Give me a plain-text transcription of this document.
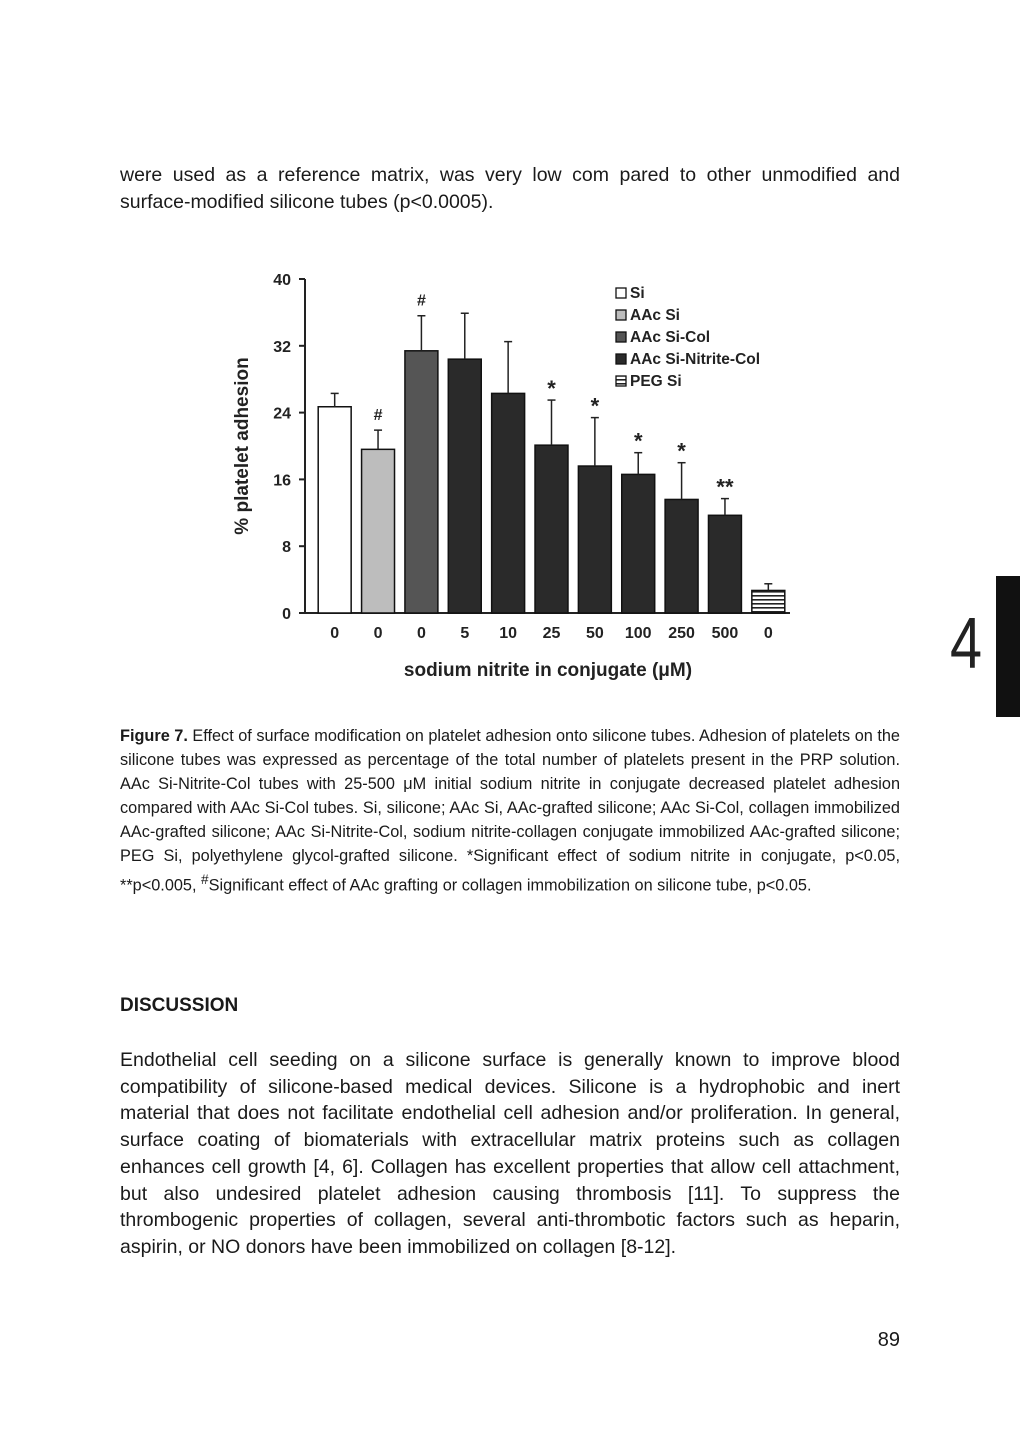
were used as a reference matrix, was very low com pared to other unmodified and surface-modified silicone tubes (p<0.0005).

0
8
16
24
32
40
% platelet adhesion
sodium nitrite in conjugate (μM)
0
#
0
#
0 5 10
*
25
*
50
*
100
*
250
**
500 0
Si
AAc Si
AAc Si-Col
AAc Si-Nitrite-Col
PEG Si

Figure 7. Effect of surface modification on platelet adhesion onto silicone tubes. Adhesion of platelets on the silicone tubes was expressed as percentage of the total number of platelets present in the PRP solution. AAc Si-Nitrite-Col tubes with 25-500 μM initial sodium nitrite in conjugate decreased platelet adhesion compared with AAc Si-Col tubes. Si, silicone; AAc Si, AAc-grafted silicone; AAc Si-Col, collagen immobilized AAc-grafted silicone; AAc Si-Nitrite-Col, sodium nitrite-collagen conjugate immobilized AAc-grafted silicone; PEG Si, polyethylene glycol-grafted silicone. *Significant effect of sodium nitrite in conjugate, p<0.05, **p<0.005, #Significant effect of AAc grafting or collagen immobilization on silicone tube, p<0.05.

DISCUSSION

Endothelial cell seeding on a silicone surface is generally known to improve blood compatibility of silicone-based medical devices. Silicone is a hydrophobic and inert material that does not facilitate endothelial cell adhesion and/or proliferation. In general, surface coating of biomaterials with extracellular matrix proteins such as collagen enhances cell growth [4, 6]. Collagen has excellent properties that allow cell attachment, but also undesired platelet adhesion causing thrombosis [11]. To suppress the thrombogenic properties of collagen, several anti-thrombotic factors such as heparin, aspirin, or NO donors have been immobilized on collagen [8-12].

89
4
